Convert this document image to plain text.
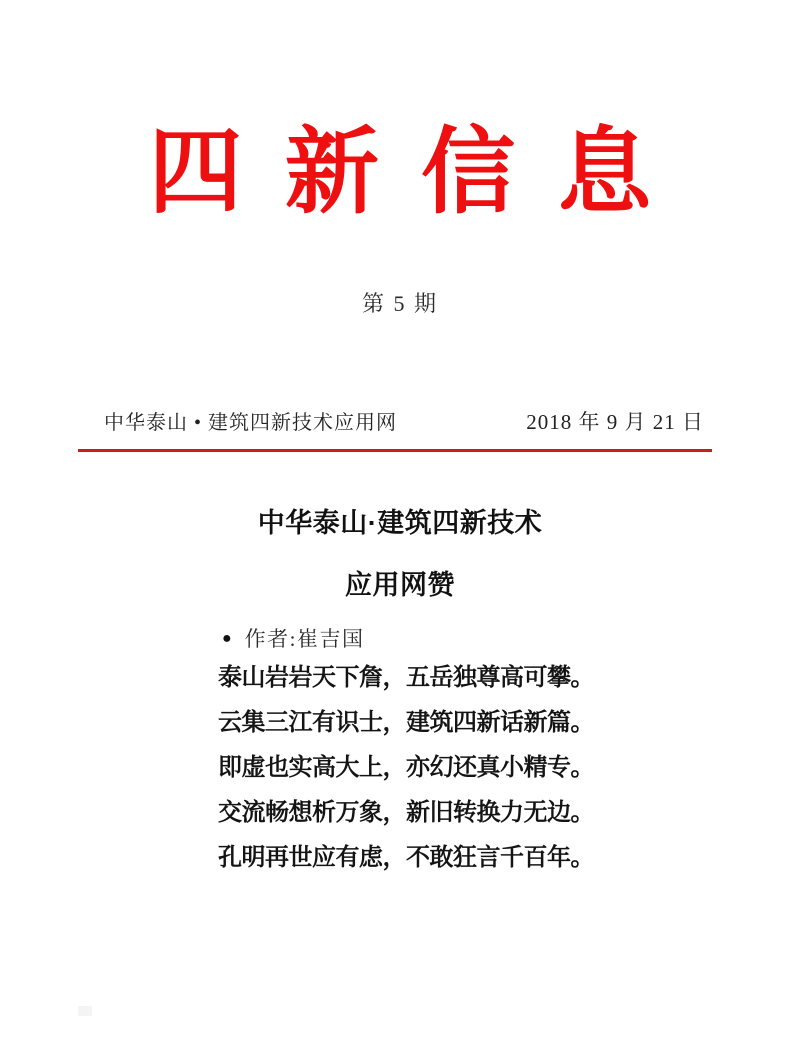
四新信息
第 5 期
中华泰山 • 建筑四新技术应用网	2018 年 9 月 21 日
中华泰山·建筑四新技术
应用网赞
● 作者:崔吉国
泰山岩岩天下詹，五岳独尊高可攀。
云集三江有识士，建筑四新话新篇。
即虚也实高大上，亦幻还真小精专。
交流畅想析万象，新旧转换力无边。
孔明再世应有虑，不敢狂言千百年。
